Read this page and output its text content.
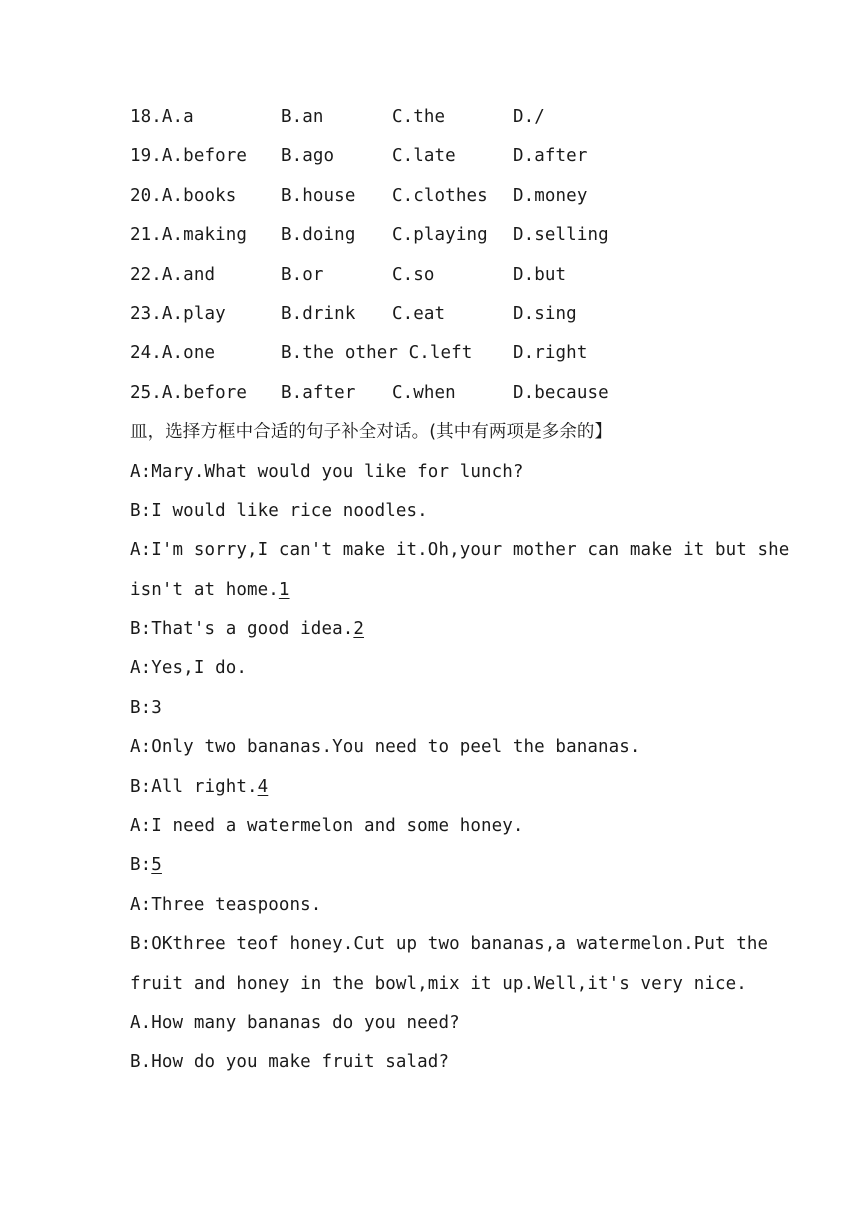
18.A.a	B.an	C.the	D./
19.A.before B.ago	C.late	D.after
20.A.books	B.house C.clothes D.money
21.A.making B.doing C.playing D.selling
22.A.and	B.or	C.so	D.but
23.A.play	B.drink C.eat	D.sing
24.A.one	B.the other C.left D.right
25.A.before B.after C.when	D.because
皿，选择方框中合适的句子补全对话。(其中有两项是多余的】
A:Mary.What would you like for lunch?
B:I would like rice noodles.
A:I'm sorry,I can't make it.Oh,your mother can make it but she
isn't at home.1
B:That's a good idea.2
A:Yes,I do.
B:3
A:Only two bananas.You need to peel the bananas.
B:All right.4
A:I need a watermelon and some honey.
B:5
A:Three teaspoons.
B:OKthree teof honey.Cut up two bananas,a watermelon.Put the
fruit and honey in the bowl,mix it up.Well,it's very nice.
A.How many bananas do you need?
B.How do you make fruit salad?
